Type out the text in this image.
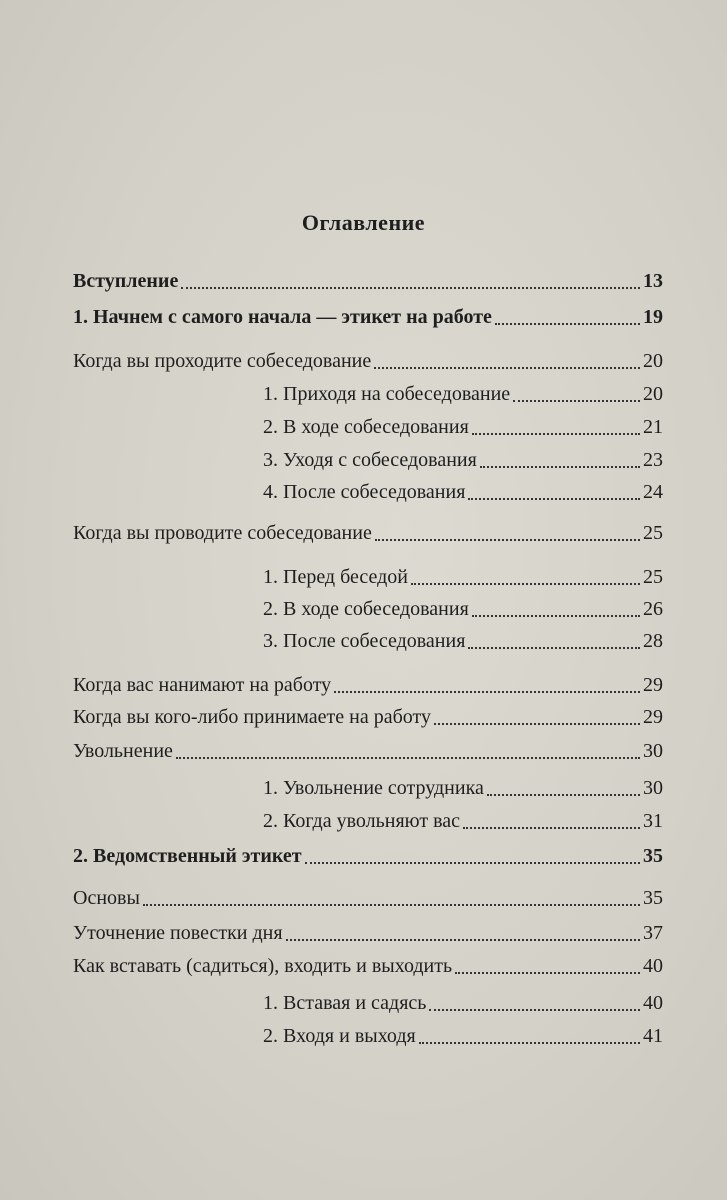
Оглавление
Вступление	13
1. Начнем с самого начала — этикет на работе	19
Когда вы проходите собеседование	20
1. Приходя на собеседование	20
2. В ходе собеседования	21
3. Уходя с собеседования	23
4. После собеседования	24
Когда вы проводите собеседование	25
1. Перед беседой	25
2. В ходе собеседования	26
3. После собеседования	28
Когда вас нанимают на работу	29
Когда вы кого-либо принимаете на работу	29
Увольнение	30
1. Увольнение сотрудника	30
2. Когда увольняют вас	31
2. Ведомственный этикет	35
Основы	35
Уточнение повестки дня	37
Как вставать (садиться), входить и выходить	40
1. Вставая и садясь	40
2. Входя и выходя	41
